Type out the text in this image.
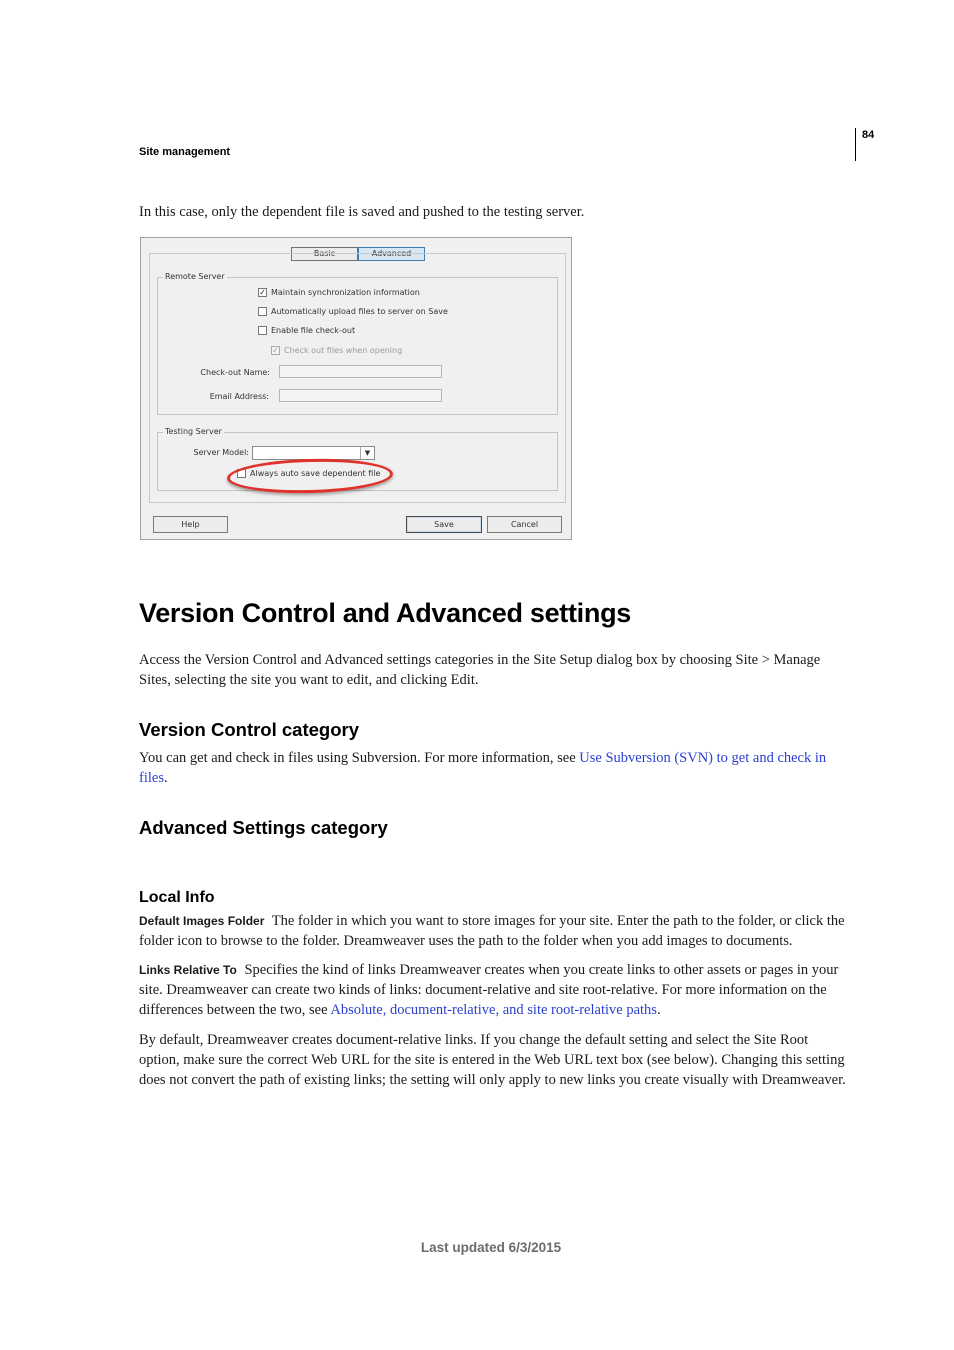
Site management
84
In this case, only the dependent file is saved and pushed to the testing server.
Basic	Advanced
Remote Server
✓ Maintain synchronization information
Automatically upload files to server on Save
Enable file check-out
✓ Check out files when opening
Check-out Name:
Email Address:
Testing Server
Server Model:	▼
Always auto save dependent file
Help	Save	Cancel
Version Control and Advanced settings
Access the Version Control and Advanced settings categories in the Site Setup dialog box by choosing Site > Manage Sites, selecting the site you want to edit, and clicking Edit.
Version Control category
You can get and check in files using Subversion. For more information, see Use Subversion (SVN) to get and check in files.
Advanced Settings category
Local Info
Default Images Folder The folder in which you want to store images for your site. Enter the path to the folder, or click the folder icon to browse to the folder. Dreamweaver uses the path to the folder when you add images to documents.
Links Relative To Specifies the kind of links Dreamweaver creates when you create links to other assets or pages in your site. Dreamweaver can create two kinds of links: document-relative and site root-relative. For more information on the differences between the two, see Absolute, document-relative, and site root-relative paths.
By default, Dreamweaver creates document-relative links. If you change the default setting and select the Site Root option, make sure the correct Web URL for the site is entered in the Web URL text box (see below). Changing this setting does not convert the path of existing links; the setting will only apply to new links you create visually with Dreamweaver.
Last updated 6/3/2015
